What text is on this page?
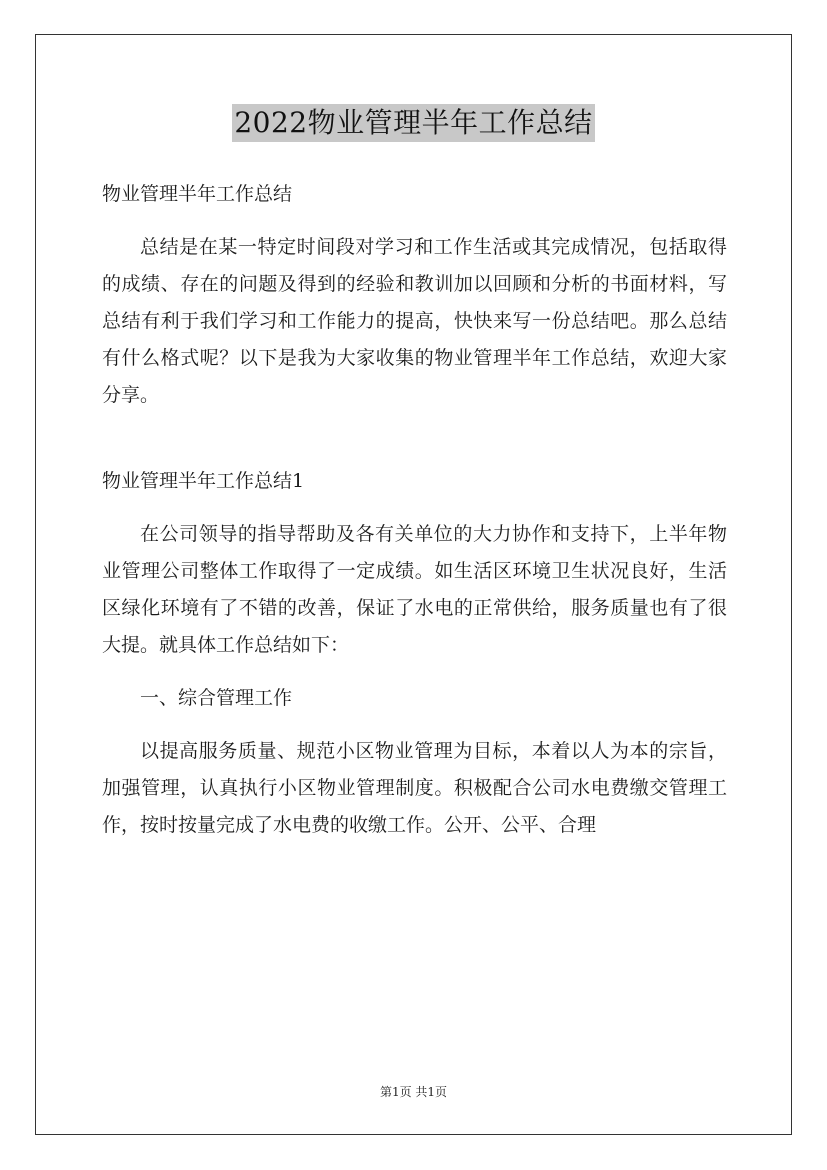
2022物业管理半年工作总结

物业管理半年工作总结

总结是在某一特定时间段对学习和工作生活或其完成情况，包括取得的成绩、存在的问题及得到的经验和教训加以回顾和分析的书面材料，写总结有利于我们学习和工作能力的提高，快快来写一份总结吧。那么总结有什么格式呢？以下是我为大家收集的物业管理半年工作总结，欢迎大家分享。

物业管理半年工作总结1

在公司领导的指导帮助及各有关单位的大力协作和支持下，上半年物业管理公司整体工作取得了一定成绩。如生活区环境卫生状况良好，生活区绿化环境有了不错的改善，保证了水电的正常供给，服务质量也有了很大提。就具体工作总结如下：

一、综合管理工作

以提高服务质量、规范小区物业管理为目标，本着以人为本的宗旨，加强管理，认真执行小区物业管理制度。积极配合公司水电费缴交管理工作，按时按量完成了水电费的收缴工作。公开、公平、合理

第1页 共1页
